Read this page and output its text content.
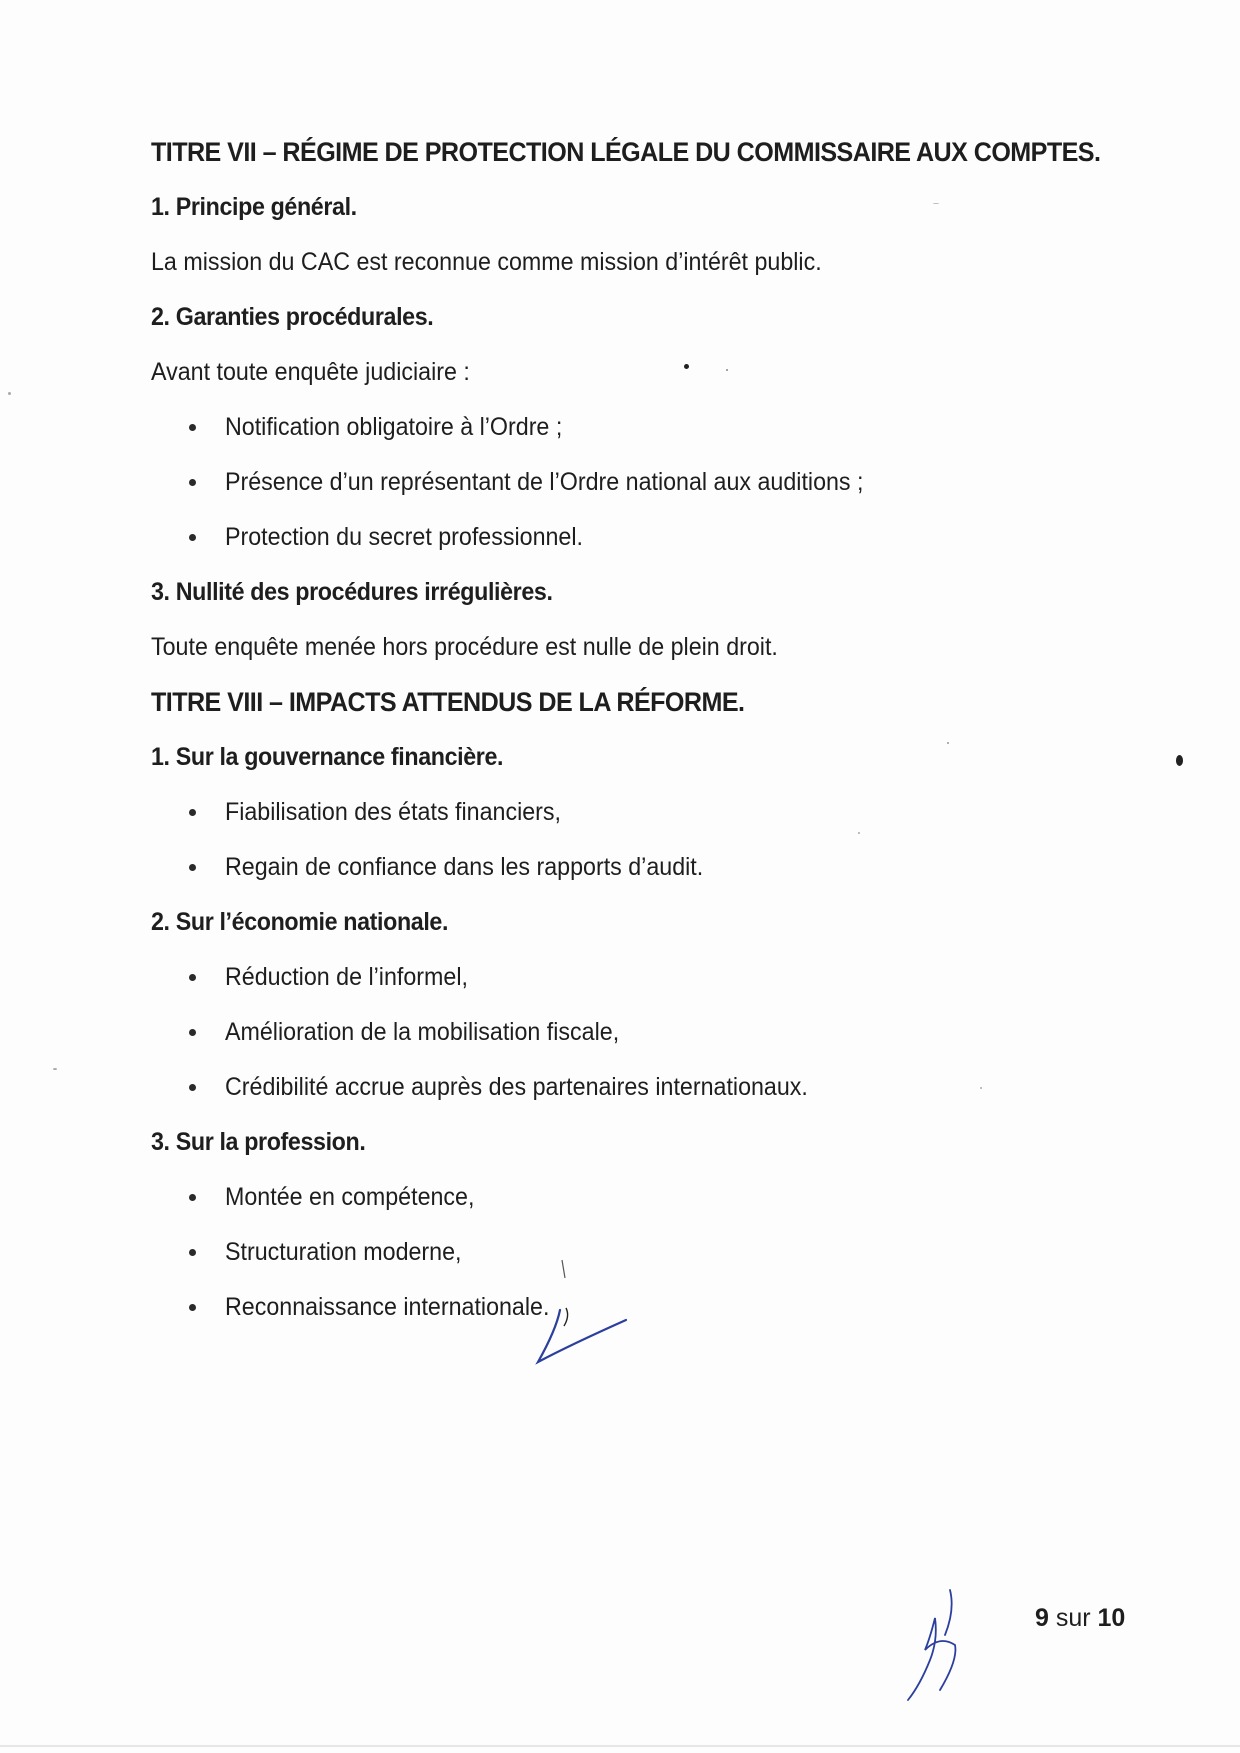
TITRE VII – RÉGIME DE PROTECTION LÉGALE DU COMMISSAIRE AUX COMPTES.
1. Principe général.
La mission du CAC est reconnue comme mission d’intérêt public.
2. Garanties procédurales.
Avant toute enquête judiciaire :
Notification obligatoire à l’Ordre ;
Présence d’un représentant de l’Ordre national aux auditions ;
Protection du secret professionnel.
3. Nullité des procédures irrégulières.
Toute enquête menée hors procédure est nulle de plein droit.
TITRE VIII – IMPACTS ATTENDUS DE LA RÉFORME.
1. Sur la gouvernance financière.
Fiabilisation des états financiers,
Regain de confiance dans les rapports d’audit.
2. Sur l’économie nationale.
Réduction de l’informel,
Amélioration de la mobilisation fiscale,
Crédibilité accrue auprès des partenaires internationaux.
3. Sur la profession.
Montée en compétence,
Structuration moderne,
Reconnaissance internationale.
9 sur 10
